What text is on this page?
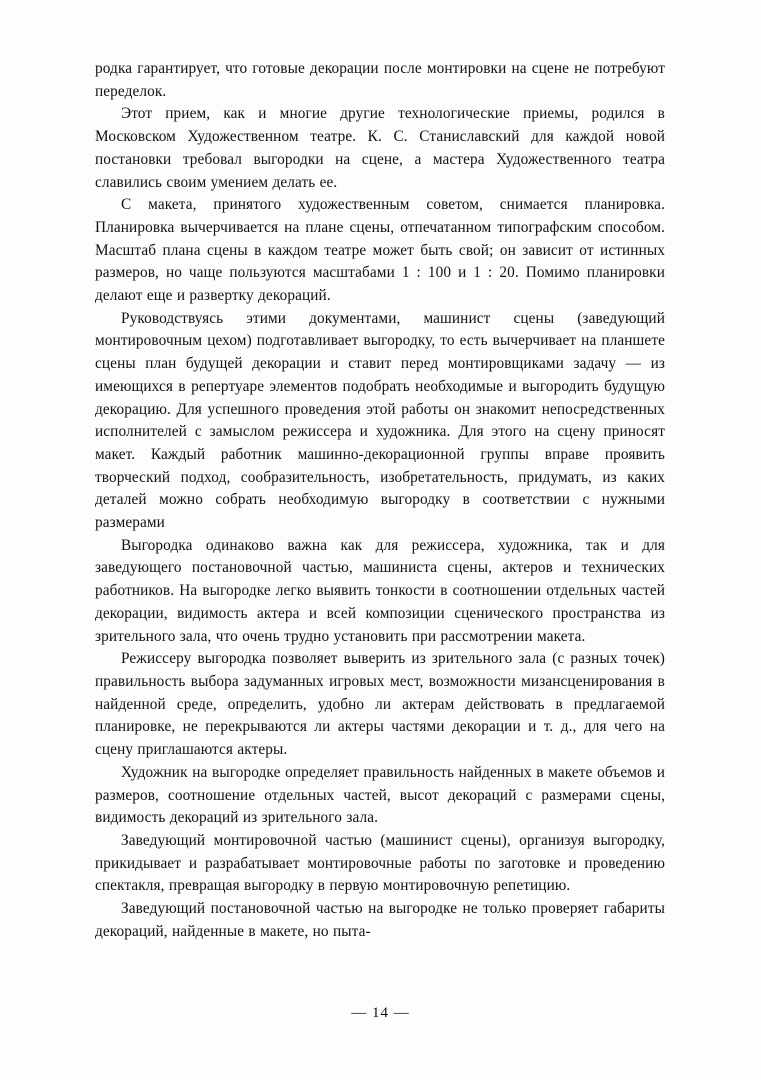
родка гарантирует, что готовые декорации после монтировки на сцене не потребуют переделок.

Этот прием, как и многие другие технологические приемы, родился в Московском Художественном театре. К. С. Станиславский для каждой новой постановки требовал выгородки на сцене, а мастера Художественного театра славились своим умением делать ее.

С макета, принятого художественным советом, снимается планировка. Планировка вычерчивается на плане сцены, отпечатанном типографским способом. Масштаб плана сцены в каждом театре может быть свой; он зависит от истинных размеров, но чаще пользуются масштабами 1 : 100 и 1 : 20. Помимо планировки делают еще и развертку декораций.

Руководствуясь этими документами, машинист сцены (заведующий монтировочным цехом) подготавливает выгородку, то есть вычерчивает на планшете сцены план будущей декорации и ставит перед монтировщиками задачу — из имеющихся в репертуаре элементов подобрать необходимые и выгородить будущую декорацию. Для успешного проведения этой работы он знакомит непосредственных исполнителей с замыслом режиссера и художника. Для этого на сцену приносят макет. Каждый работник машинно-декорационной группы вправе проявить творческий подход, сообразительность, изобретательность, придумать, из каких деталей можно собрать необходимую выгородку в соответствии с нужными размерами

Выгородка одинаково важна как для режиссера, художника, так и для заведующего постановочной частью, машиниста сцены, актеров и технических работников. На выгородке легко выявить тонкости в соотношении отдельных частей декорации, видимость актера и всей композиции сценического пространства из зрительного зала, что очень трудно установить при рассмотрении макета.

Режиссеру выгородка позволяет выверить из зрительного зала (с разных точек) правильность выбора задуманных игровых мест, возможности мизансценирования в найденной среде, определить, удобно ли актерам действовать в предлагаемой планировке, не перекрываются ли актеры частями декорации и т. д., для чего на сцену приглашаются актеры.

Художник на выгородке определяет правильность найденных в макете объемов и размеров, соотношение отдельных частей, высот декораций с размерами сцены, видимость декораций из зрительного зала.

Заведующий монтировочной частью (машинист сцены), организуя выгородку, прикидывает и разрабатывает монтировочные работы по заготовке и проведению спектакля, превращая выгородку в первую монтировочную репетицию.

Заведующий постановочной частью на выгородке не только проверяет габариты декораций, найденные в макете, но пыта-

— 14 —
